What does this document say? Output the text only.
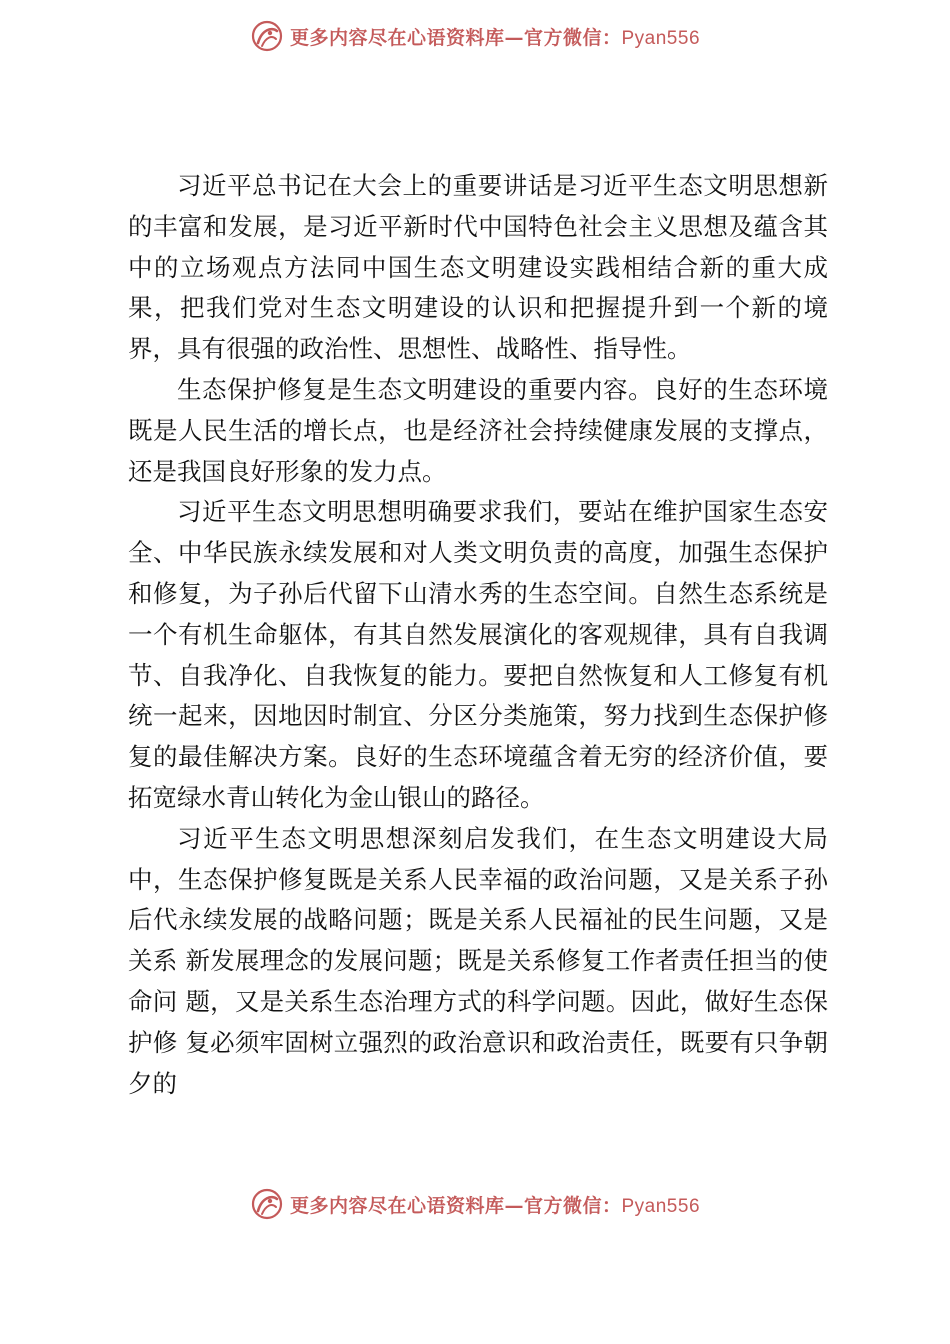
更多内容尽在心语资料库—官方微信：Pyan556

习近平总书记在大会上的重要讲话是习近平生态文明思想新的丰富和发展，是习近平新时代中国特色社会主义思想及蕴含其中的立场观点方法同中国生态文明建设实践相结合新的重大成果，把我们党对生态文明建设的认识和把握提升到一个新的境界，具有很强的政治性、思想性、战略性、指导性。

生态保护修复是生态文明建设的重要内容。良好的生态环境既是人民生活的增长点，也是经济社会持续健康发展的支撑点，还是我国良好形象的发力点。

习近平生态文明思想明确要求我们，要站在维护国家生态安全、中华民族永续发展和对人类文明负责的高度，加强生态保护和修复，为子孙后代留下山清水秀的生态空间。自然生态系统是一个有机生命躯体，有其自然发展演化的客观规律，具有自我调节、自我净化、自我恢复的能力。要把自然恢复和人工修复有机统一起来，因地因时制宜、分区分类施策，努力找到生态保护修复的最佳解决方案。良好的生态环境蕴含着无穷的经济价值，要拓宽绿水青山转化为金山银山的路径。

习近平生态文明思想深刻启发我们，在生态文明建设大局中，生态保护修复既是关系人民幸福的政治问题，又是关系子孙后代永续发展的战略问题；既是关系人民福祉的民生问题，又是关系 新发展理念的发展问题；既是关系修复工作者责任担当的使命问 题，又是关系生态治理方式的科学问题。因此，做好生态保护修 复必须牢固树立强烈的政治意识和政治责任，既要有只争朝夕的

更多内容尽在心语资料库—官方微信：Pyan556
